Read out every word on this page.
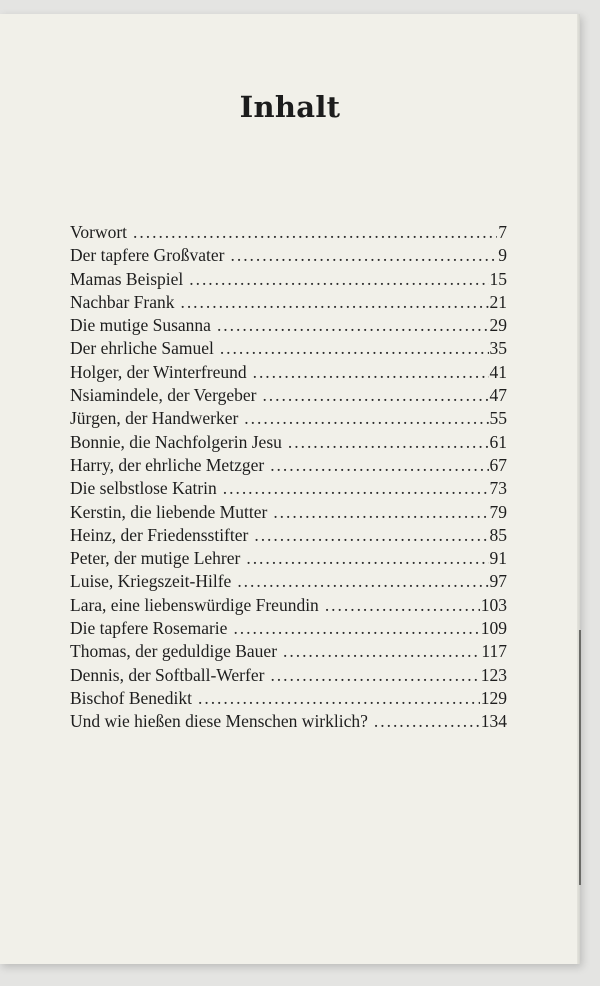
Inhalt
Vorwort . . .	7
Der tapfere Großvater . . .	9
Mamas Beispiel . . .	15
Nachbar Frank . . .	21
Die mutige Susanna . . .	29
Der ehrliche Samuel . . .	35
Holger, der Winterfreund . . .	41
Nsiamindele, der Vergeber . . .	47
Jürgen, der Handwerker . . .	55
Bonnie, die Nachfolgerin Jesu . . .	61
Harry, der ehrliche Metzger . . .	67
Die selbstlose Katrin . . .	73
Kerstin, die liebende Mutter . . .	79
Heinz, der Friedensstifter . . .	85
Peter, der mutige Lehrer . . .	91
Luise, Kriegszeit-Hilfe . . .	97
Lara, eine liebenswürdige Freundin . . .	103
Die tapfere Rosemarie . . .	109
Thomas, der geduldige Bauer . . .	117
Dennis, der Softball-Werfer . . .	123
Bischof Benedikt . . .	129
Und wie hießen diese Menschen wirklich? . . .	134
